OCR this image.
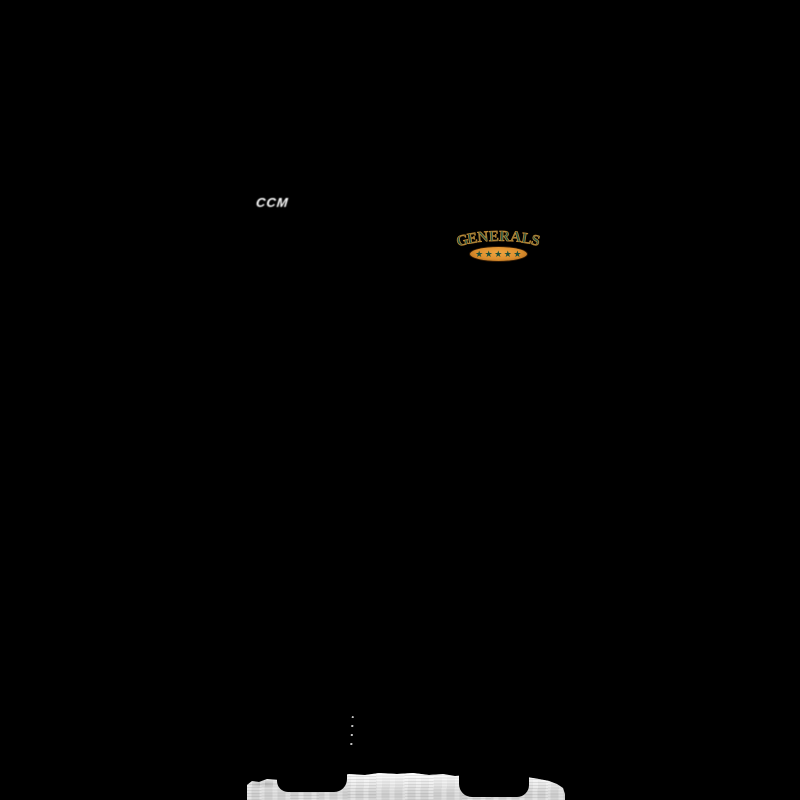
CCM
G
E
N E R A
L
S
★★★★★
